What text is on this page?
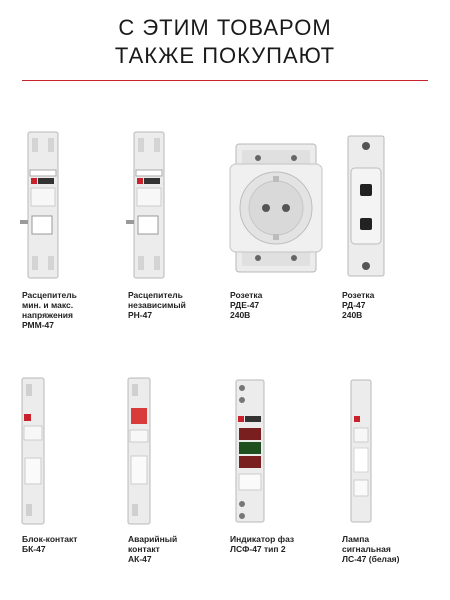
С ЭТИМ ТОВАРОМ
ТАКЖЕ ПОКУПАЮТ
Расцепитель
мин. и макс.
напряжения
РММ-47
Расцепитель
независимый
РН-47
Розетка
РДЕ-47
240В
Розетка
РД-47
240В
Блок-контакт
БК-47
Аварийный
контакт
АК-47
Индикатор фаз
ЛСФ-47 тип 2
Лампа
сигнальная
ЛС-47 (белая)
